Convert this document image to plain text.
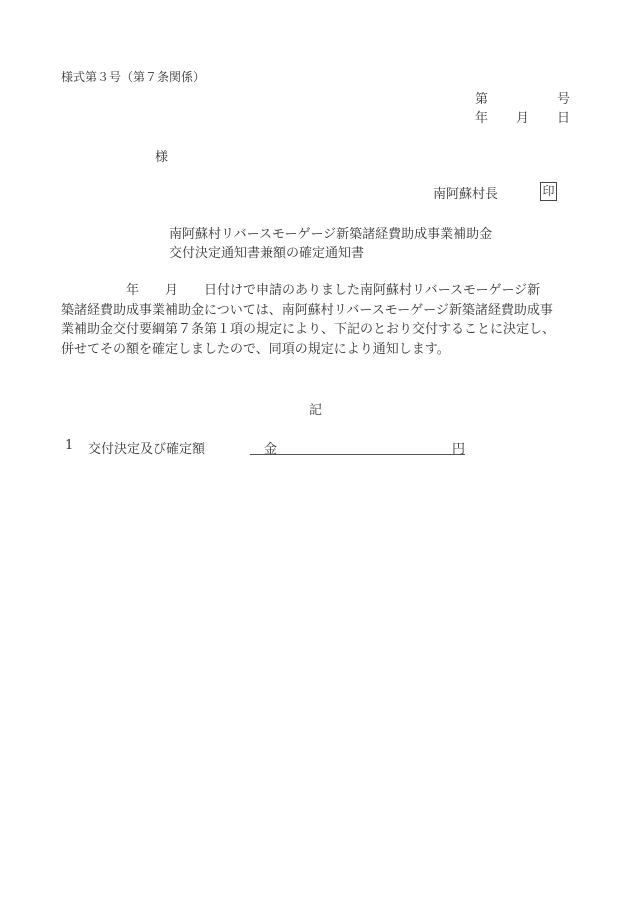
様式第３号（第７条関係）
第	号
年 月 日
様
南阿蘇村長	印
南阿蘇村リバースモーゲージ新築諸経費助成事業補助金
交付決定通知書兼額の確定通知書
　　　　　年　　月　　日付けで申請のありました南阿蘇村リバースモーゲージ新
築諸経費助成事業補助金については、南阿蘇村リバースモーゲージ新築諸経費助成事
業補助金交付要綱第７条第１項の規定により、下記のとおり交付することに決定し、
併せてその額を確定しましたので、同項の規定により通知します。
記
1 交付決定及び確定額	金	円
